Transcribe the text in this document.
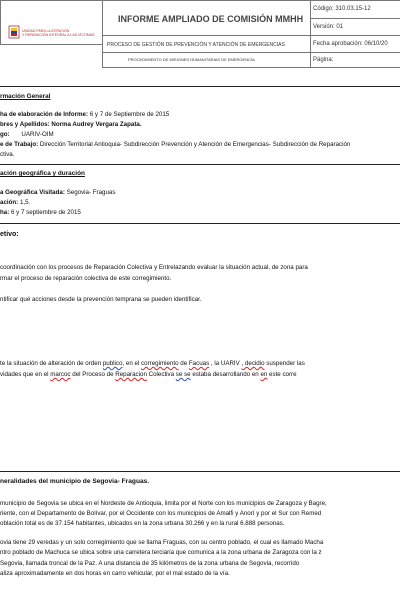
UNIDAD PARA LA ATENCIÓN
Y REPARACIÓN INTEGRAL A LAS VÍCTIMAS
INFORME AMPLIADO DE COMISIÓN MMHH
PROCESO DE GESTIÓN DE PREVENCIÓN Y ATENCIÓN DE EMERGENCIAS
PROCEDIMIENTO DE MISIONES HUMANITARIAS DE EMERGENCIA
Código: 310.03.15-12
Versión: 01
Fecha aprobación: 06/10/20
Página:
rmación General
ha de elaboración de Informe: 6 y 7 de Septiembre de 2015
bres y Apellidos: Norma Audrey Vergara Zapata.
go: UARIV-OIM
e de Trabajo: Dirección Territorial Antioquia- Subdirección Prevención y Atención de Emergencias- Subdirección de Reparación
ctiva.
ación geográfica y duración
a Geográfica Visitada: Segovia- Fraguas
ación: 1,5.
ha: 6 y 7 septiembre de 2015
etivo:
coordinación con los procesos de Reparación Colectiva y Entrelazando evaluar la situación actual, de zona para
rmar el proceso de reparación colectiva de este corregimiento.
ntificar qué acciones desde la prevención temprana se pueden identificar.
te la situación de alteración de orden publico, en el corregimiento de Facuas , la UARIV , decidio suspender las
vidades que en el marcoc del Proceso de Reparacion Colectiva se se estaba desarrollando en en este corre
neralidades del municipio de Segovia- Fraguas.
municipio de Segovia se ubica en el Nordeste de Antioquia, limita por el Norte con los municipios de Zaragoza y Bagre,
riente, con el Departamento de Bolívar, por el Occidente con los municipios de Amalfi y Anorí y por el Sur con Remed
oblación total es de 37.154 habitantes, ubicados en la zona urbana 30.266 y en la rural 6.888 personas.
ovia tiene 29 veredas y un solo corregimiento que se llama Fraguas, con su centro poblado, el cual es llamado Macha
ntro poblado de Machuca se ubica sobre una carretera terciaria que comunica a la zona urbana de Zaragoza con la z
Segovia, llamada troncal de la Paz. A una distancia de 35 kilómetros de la zona urbana de Segovia, recorrido
aliza aproximadamente en dos horas en carro vehicular, por el mal estado de la vía.
